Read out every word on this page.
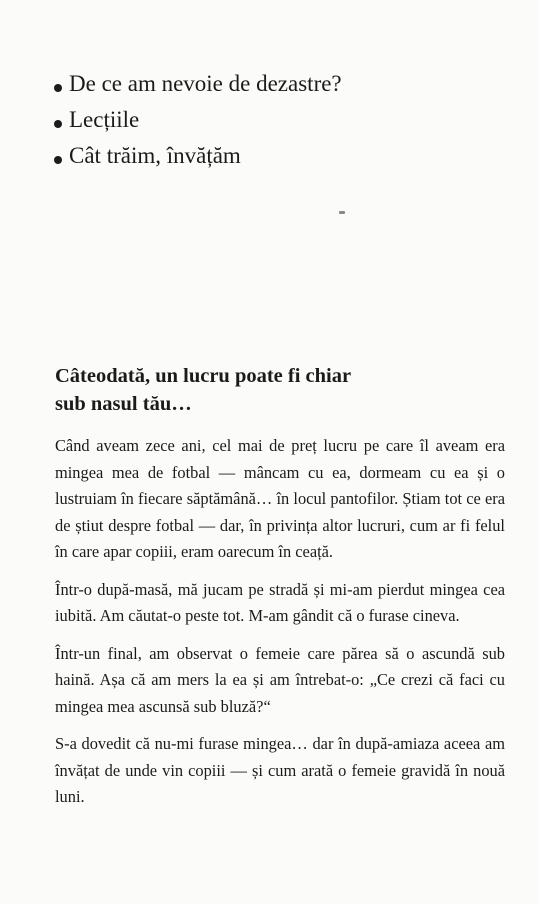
De ce am nevoie de dezastre?
Lecțiile
Cât trăim, învățăm
Câteodată, un lucru poate fi chiar sub nasul tău…

Când aveam zece ani, cel mai de preț lucru pe care îl aveam era mingea mea de fotbal — mâncam cu ea, dormeam cu ea și o lustruiam în fiecare săptămână… în locul pantofilor. Știam tot ce era de știut despre fotbal — dar, în privința altor lucruri, cum ar fi felul în care apar copiii, eram oarecum în ceață.

Într-o după-masă, mă jucam pe stradă și mi-am pierdut mingea cea iubită. Am căutat-o peste tot. M-am gândit că o furase cineva.

Într-un final, am observat o femeie care părea să o ascundă sub haină. Așa că am mers la ea și am întrebat-o: „Ce crezi că faci cu mingea mea ascunsă sub bluză?“

S-a dovedit că nu-mi furase mingea… dar în după-amiaza aceea am învățat de unde vin copiii — și cum arată o femeie gravidă în nouă luni.
